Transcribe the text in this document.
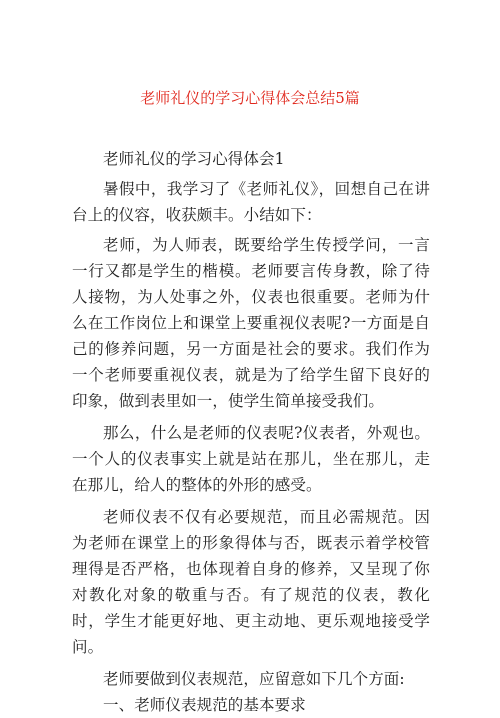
老师礼仪的学习心得体会总结5篇

老师礼仪的学习心得体会1

暑假中，我学习了《老师礼仪》，回想自己在讲台上的仪容，收获颇丰。小结如下：

老师，为人师表，既要给学生传授学问，一言一行又都是学生的楷模。老师要言传身教，除了待人接物，为人处事之外，仪表也很重要。老师为什么在工作岗位上和课堂上要重视仪表呢?一方面是自己的修养问题，另一方面是社会的要求。我们作为一个老师要重视仪表，就是为了给学生留下良好的印象，做到表里如一，使学生简单接受我们。

那么，什么是老师的仪表呢?仪表者，外观也。一个人的仪表事实上就是站在那儿，坐在那儿，走在那儿，给人的整体的外形的感受。

老师仪表不仅有必要规范，而且必需规范。因为老师在课堂上的形象得体与否，既表示着学校管理得是否严格，也体现着自身的修养，又呈现了你对教化对象的敬重与否。有了规范的仪表，教化时，学生才能更好地、更主动地、更乐观地接受学问。

老师要做到仪表规范，应留意如下几个方面:

一、老师仪表规范的基本要求
